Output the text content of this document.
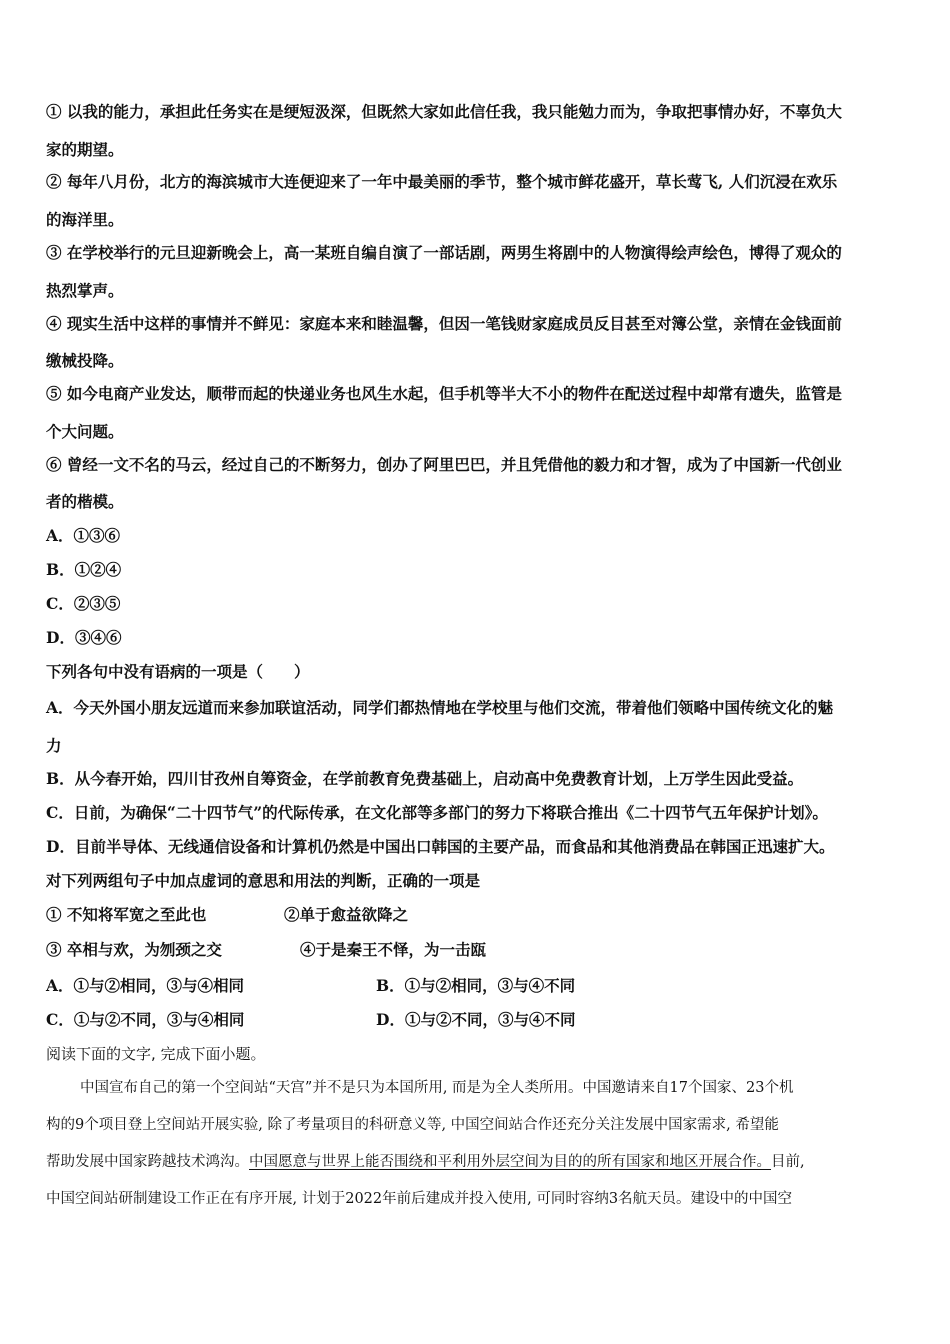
① 以我的能力，承担此任务实在是绠短汲深，但既然大家如此信任我，我只能勉力而为，争取把事情办好，不辜负大
家的期望。
② 每年八月份，北方的海滨城市大连便迎来了一年中最美丽的季节，整个城市鲜花盛开，草长莺飞, 人们沉浸在欢乐
的海洋里。
③ 在学校举行的元旦迎新晚会上，高一某班自编自演了一部话剧，两男生将剧中的人物演得绘声绘色，博得了观众的
热烈掌声。
④ 现实生活中这样的事情并不鲜见：家庭本来和睦温馨，但因一笔钱财家庭成员反目甚至对簿公堂，亲情在金钱面前
缴械投降。
⑤ 如今电商产业发达，顺带而起的快递业务也风生水起，但手机等半大不小的物件在配送过程中却常有遗失，监管是
个大问题。
⑥ 曾经一文不名的马云，经过自己的不断努力，创办了阿里巴巴，并且凭借他的毅力和才智，成为了中国新一代创业
者的楷模。
A．①③⑥
B．①②④
C．②③⑤
D．③④⑥
下列各句中没有语病的一项是（　　）
A．今天外国小朋友远道而来参加联谊活动，同学们都热情地在学校里与他们交流，带着他们领略中国传统文化的魅
力
B．从今春开始，四川甘孜州自筹资金，在学前教育免费基础上，启动高中免费教育计划，上万学生因此受益。
C．日前，为确保“二十四节气”的代际传承，在文化部等多部门的努力下将联合推出《二十四节气五年保护计划》。
D．目前半导体、无线通信设备和计算机仍然是中国出口韩国的主要产品，而食品和其他消费品在韩国正迅速扩大。
对下列两组句子中加点虚词的意思和用法的判断，正确的一项是
① 不知将军宽之至此也	②单于愈益欲降之
③ 卒相与欢，为刎颈之交	④于是秦王不怿，为一击瓯
A．①与②相同，③与④相同	B．①与②相同，③与④不同
C．①与②不同，③与④相同	D．①与②不同，③与④不同
阅读下面的文字, 完成下面小题。
中国宣布自己的第一个空间站“天宫”并不是只为本国所用, 而是为全人类所用。中国邀请来自17个国家、23个机
构的9个项目登上空间站开展实验, 除了考量项目的科研意义等, 中国空间站合作还充分关注发展中国家需求, 希望能
帮助发展中国家跨越技术鸿沟。中国愿意与世界上能否围绕和平利用外层空间为目的的所有国家和地区开展合作。目前,
中国空间站研制建设工作正在有序开展, 计划于2022年前后建成并投入使用, 可同时容纳3名航天员。建设中的中国空
